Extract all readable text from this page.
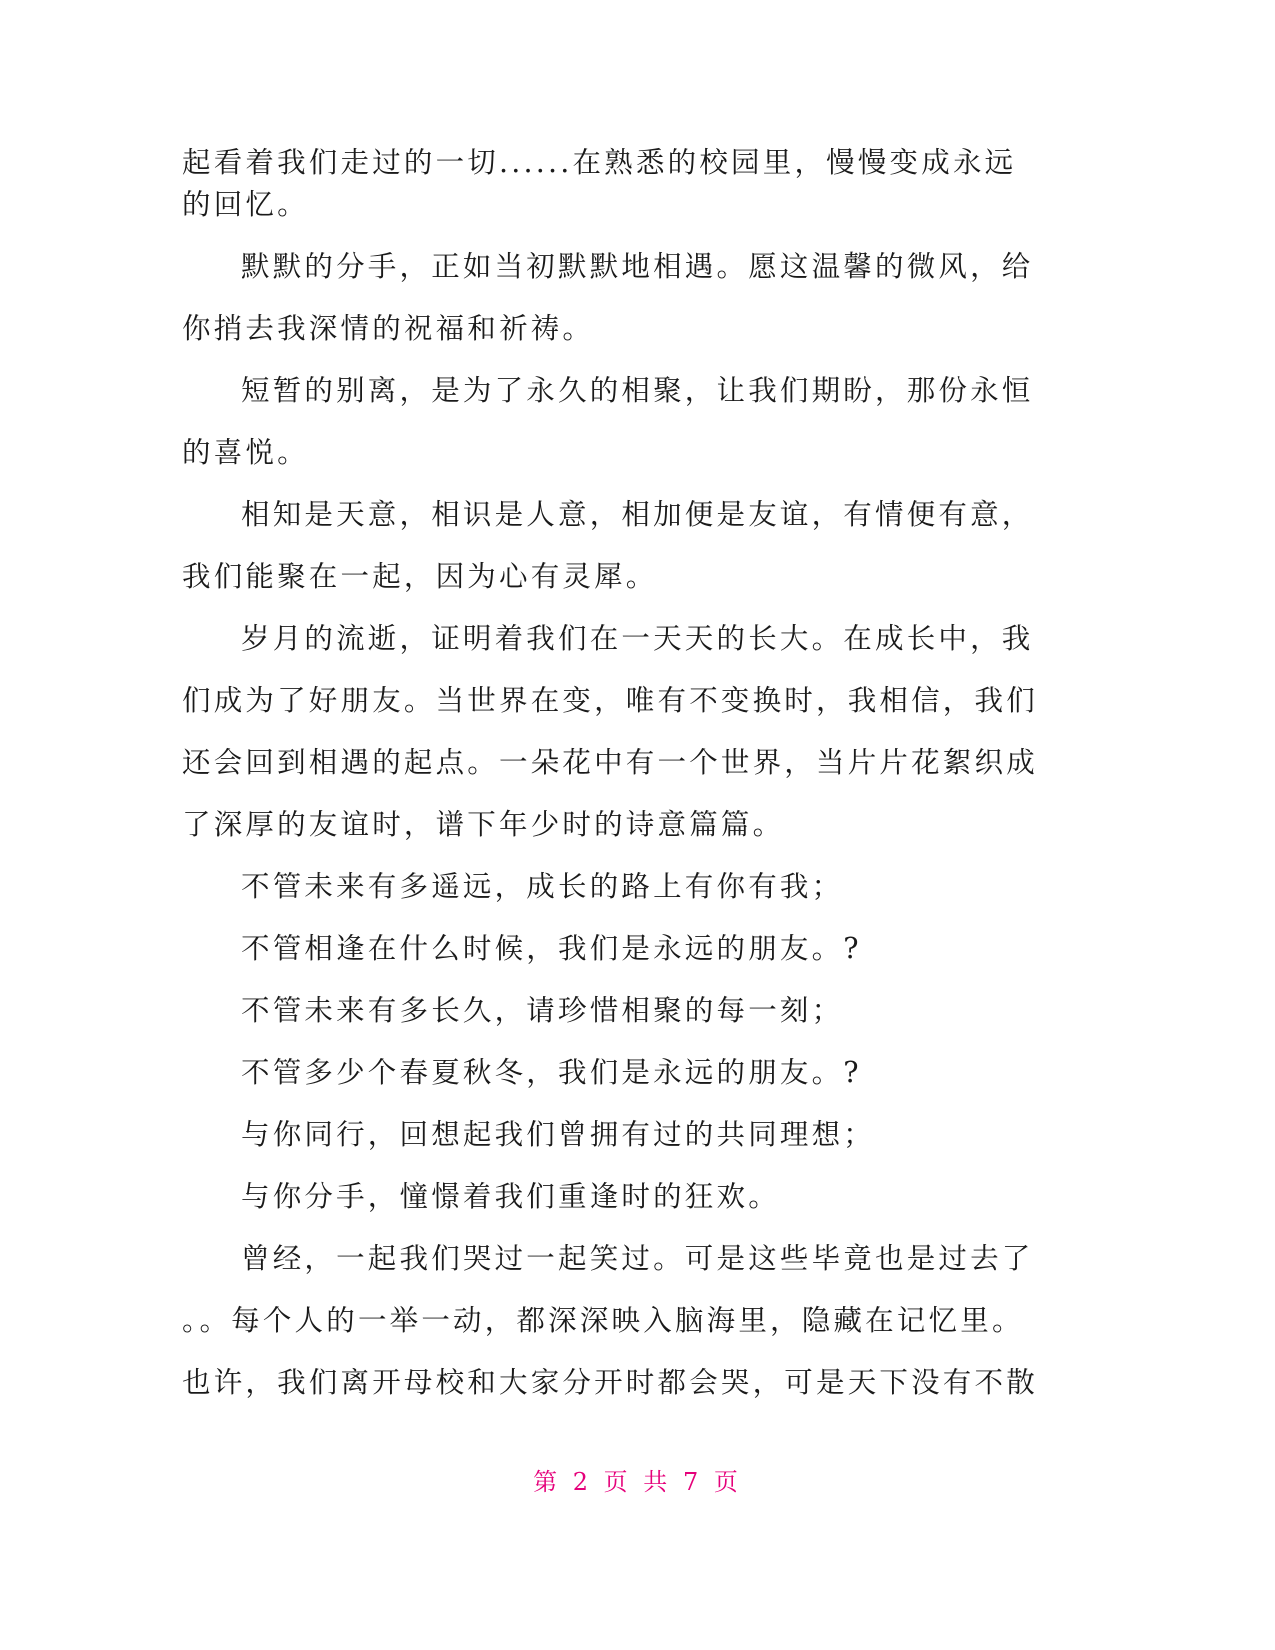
起看着我们走过的一切......在熟悉的校园里，慢慢变成永远

的回忆。

默默的分手，正如当初默默地相遇。愿这温馨的微风，给

你捎去我深情的祝福和祈祷。

短暂的别离，是为了永久的相聚，让我们期盼，那份永恒

的喜悦。

相知是天意，相识是人意，相加便是友谊，有情便有意，

我们能聚在一起，因为心有灵犀。

岁月的流逝，证明着我们在一天天的长大。在成长中，我

们成为了好朋友。当世界在变，唯有不变换时，我相信，我们

还会回到相遇的起点。一朵花中有一个世界，当片片花絮织成

了深厚的友谊时，谱下年少时的诗意篇篇。

不管未来有多遥远，成长的路上有你有我；

不管相逢在什么时候，我们是永远的朋友。?

不管未来有多长久，请珍惜相聚的每一刻；

不管多少个春夏秋冬，我们是永远的朋友。?

与你同行，回想起我们曾拥有过的共同理想；

与你分手，憧憬着我们重逢时的狂欢。

曾经，一起我们哭过一起笑过。可是这些毕竟也是过去了

。。每个人的一举一动，都深深映入脑海里，隐藏在记忆里。

也许，我们离开母校和大家分开时都会哭，可是天下没有不散

第 2 页 共 7 页
